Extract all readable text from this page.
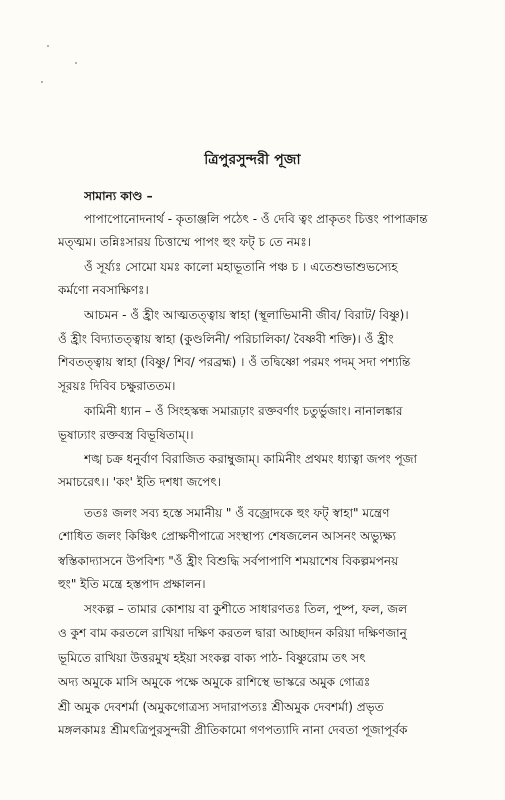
ত্রিপুরসুন্দরী পূজা
সামান্য কাণ্ড –
পাপাপোনোদনার্থ - কৃতাঞ্জলি পঠেৎ - ওঁ দেবি ত্বং প্রাকৃতং চিত্তং পাপাক্রান্ত
মত্ত্মম। তন্নিঃসারয় চিত্তাম্মে পাপং হুং ফট্ চ তে নমঃ।
ওঁ সূর্য্যঃ সোমো যমঃ কালো মহাভূতানি পঞ্চ চ । এতেশুভাশুভস্যেহ
কর্মণো নবসাক্ষিণঃ।
আচমন - ওঁ হ্রীং আত্মতত্ত্বায় স্বাহা (স্থূলাভিমানী জীব/ বিরাট/ বিষ্ণু)।
ওঁ হ্রীং বিদ্যাতত্ত্বায় স্বাহা (কুণ্ডলিনী/ পরিচালিকা/ বৈষ্ণবী শক্তি)। ওঁ হ্রীং
শিবতত্ত্বায় স্বাহা (বিষ্ণু/ শিব/ পরব্রহ্ম) । ওঁ তদ্বিষ্ণো পরমং পদম্ সদা পশ্যন্তি
সূরয়ঃ দিবিব চক্ষুরাততম।
কামিনী ধ্যান – ওঁ সিংহস্কন্ধ সমারূঢ়াং রক্তবর্ণাং চতুর্ভুজাং। নানালঙ্কার
ভূষাঢ্যাং রক্তবস্ত্র বিভূষিতাম্।।
শঙ্খ চক্র ধনুর্বাণ বিরাজিত করাম্বুজাম্। কামিনীং প্রথমং ধ্যাত্বা জপং পূজা
সমাচরেৎ।। 'কং' ইতি দশধা জপেৎ।
ততঃ জলং সব্য হস্তে সমানীয় " ওঁ বজ্রোদকে হুং ফট্ স্বাহা" মন্ত্রেণ
শোধিত জলং কিঞ্চিৎ প্রোক্ষণীপাত্রে সংস্থাপ্য শেষজলেন আসনং অভ্যুক্ষ্য
স্বস্তিকাদ্যাসনে উপবিশ্য "ওঁ হ্রীং বিশুদ্ধি সর্বপাপাণি শময়াশেষ বিকল্পমপনয়
হুং" ইতি মন্ত্রে হস্তপাদ প্রক্ষালন।
সংকল্প – তামার কোশায় বা কুশীতে সাধারণতঃ তিল, পুষ্প, ফল, জল
ও কুশ বাম করতলে রাখিয়া দক্ষিণ করতল দ্বারা আচ্ছাদন করিয়া দক্ষিণজানু
ভূমিতে রাখিয়া উত্তরমুখ হইয়া সংকল্প বাক্য পাঠ- বিষ্ণুরোম তৎ সৎ
অদ্য অমুকে মাসি অমুকে পক্ষে অমুকে রাশিস্থে ভাস্করে অমুক গোত্রঃ
শ্রী অমুক দেবশর্মা (অমুকগোত্রস্য সদারাপত্যঃ শ্রীঅমুক দেবশর্মা) প্রভৃত
মঙ্গলকামঃ শ্রীমৎত্রিপুরসুন্দরী প্রীতিকামো গণপত্যাদি নানা দেবতা পূজাপূর্বক
